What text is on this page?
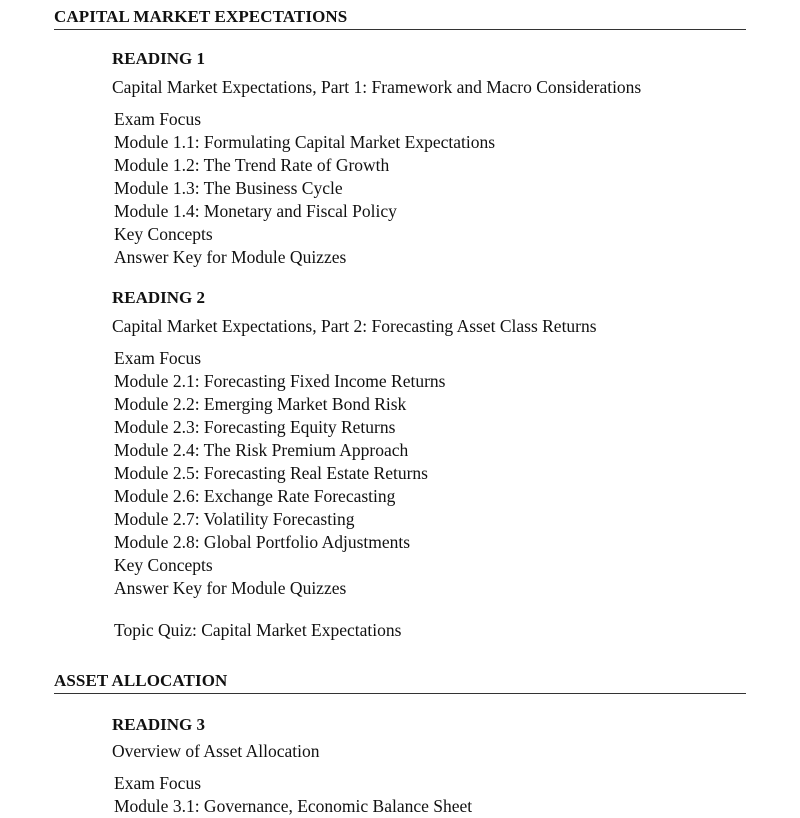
CAPITAL MARKET EXPECTATIONS
READING 1
Capital Market Expectations, Part 1: Framework and Macro Considerations
Exam Focus
Module 1.1: Formulating Capital Market Expectations
Module 1.2: The Trend Rate of Growth
Module 1.3: The Business Cycle
Module 1.4: Monetary and Fiscal Policy
Key Concepts
Answer Key for Module Quizzes
READING 2
Capital Market Expectations, Part 2: Forecasting Asset Class Returns
Exam Focus
Module 2.1: Forecasting Fixed Income Returns
Module 2.2: Emerging Market Bond Risk
Module 2.3: Forecasting Equity Returns
Module 2.4: The Risk Premium Approach
Module 2.5: Forecasting Real Estate Returns
Module 2.6: Exchange Rate Forecasting
Module 2.7: Volatility Forecasting
Module 2.8: Global Portfolio Adjustments
Key Concepts
Answer Key for Module Quizzes
Topic Quiz: Capital Market Expectations
ASSET ALLOCATION
READING 3
Overview of Asset Allocation
Exam Focus
Module 3.1: Governance, Economic Balance Sheet
